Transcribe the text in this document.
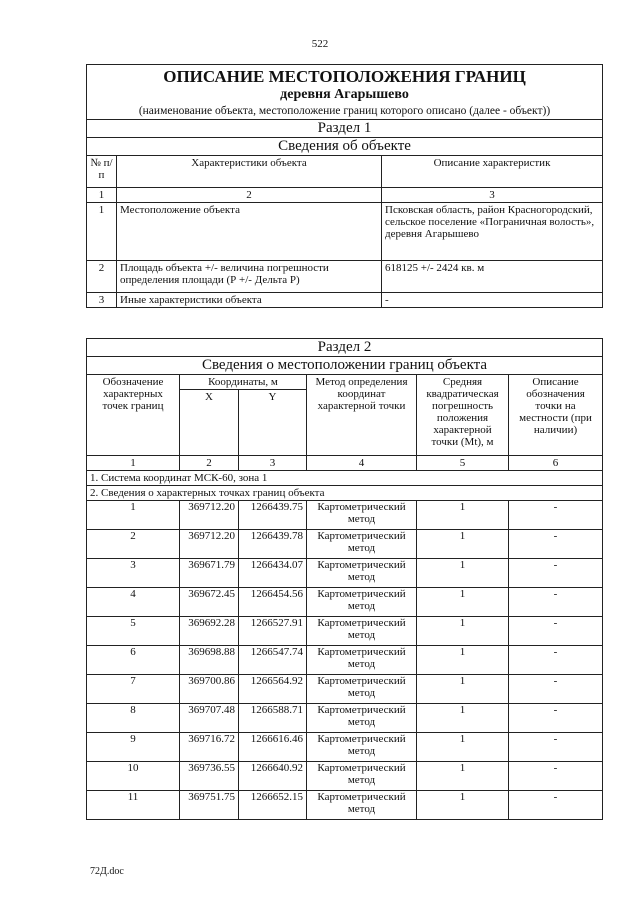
522
ОПИСАНИЕ МЕСТОПОЛОЖЕНИЯ ГРАНИЦ		
деревня Агарышево		
(наименование объекта, местоположение границ которого описано (далее - объект))		
Раздел 1		
Сведения об объекте		
№ п/п	Характеристики объекта	Описание характеристик
1	2	3
1	Местоположение объекта	Псковская область, район Красногородский, сельское поселение «Пограничная волость», деревня Агарышево
2	Площадь объекта +/- величина погрешности определения площади (Р +/- Дельта Р)	618125 +/- 2424 кв. м
3	Иные характеристики объекта	-
Раздел 2					
Сведения о местоположении границ объекта					
Обозначение характерных точек границ	Координаты, м		Метод определения координат характерной точки	Средняя квадратическая погрешность положения характерной точки (Mt), м	Описание обозначения точки на местности (при наличии)
	X	Y			
1	2	3	4	5	6
1. Система координат МСК-60, зона 1					
2. Сведения о характерных точках границ объекта					
1	369712.20	1266439.75	Картометрический метод	1	-
2	369712.20	1266439.78	Картометрический метод	1	-
3	369671.79	1266434.07	Картометрический метод	1	-
4	369672.45	1266454.56	Картометрический метод	1	-
5	369692.28	1266527.91	Картометрический метод	1	-
6	369698.88	1266547.74	Картометрический метод	1	-
7	369700.86	1266564.92	Картометрический метод	1	-
8	369707.48	1266588.71	Картометрический метод	1	-
9	369716.72	1266616.46	Картометрический метод	1	-
10	369736.55	1266640.92	Картометрический метод	1	-
11	369751.75	1266652.15	Картометрический метод	1	-
72Д.doc
